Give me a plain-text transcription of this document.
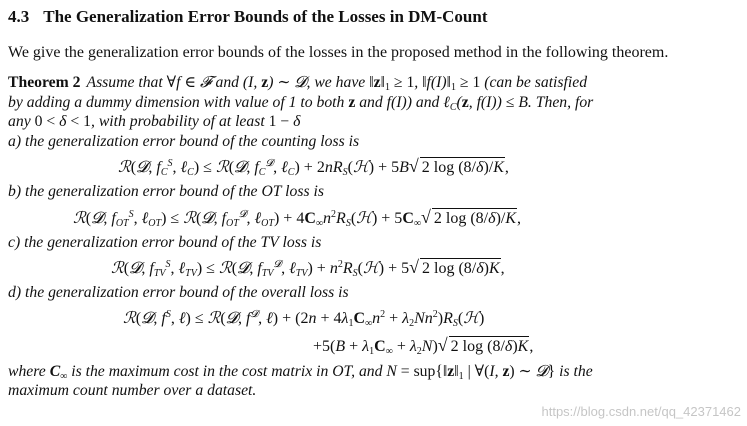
4.3 The Generalization Error Bounds of the Losses in DM-Count

We give the generalization error bounds of the losses in the proposed method in the following theorem.

Theorem 2 Assume that ∀f ∈ 𝓕 and (I, z) ∼ 𝓓, we have $‖z‖_1 \ge 1$, $‖f(I)‖_1 \ge 1$ (can be satisfied

by adding a dummy dimension with value of 1 to both z and f(I)) and ℓ$_C$(z, f(I)) ≤ B. Then, for

any 0 < δ < 1, with probability of at least 1 − δ

a) the generalization error bound of the counting loss is

ℛ(𝓓, $f_C^S$, ℓ$_C$) ≤ ℛ(𝓓, $f_C^𝓓$, ℓ$_C$) + $2nR_S(ℋ) + 5B√$ 2 log (8/δ)/K,

b) the generalization error bound of the OT loss is

ℛ(𝓓, $f_{OT}^S$, ℓ$_{OT}$) ≤ ℛ(𝓓, $f_{OT}^𝓓$, ℓ$_{OT}$) + $4C_\infty n^2R_S(ℋ) + 5C_\infty√$ 2 log (8/δ)/K,

c) the generalization error bound of the TV loss is

ℛ(𝓓, $f_{TV}^S$, ℓ$_{TV}$) ≤ ℛ(𝓓, $f_{TV}^𝓓$, ℓ$_{TV}$) + $n^2R_S(ℋ) + 5√$ 2 log (8/δ)K,

d) the generalization error bound of the overall loss is

ℛ(𝓓, $f^S$, ℓ) ≤ ℛ(𝓓, $f^𝓓$, ℓ) + ($2n + 4\lambda_1C_\infty n^2$ + $\lambda_2Nn^2)R_S(ℋ)$
$+5(B + \lambda_1C_\infty + \lambda_2N)√$ 2 log (8/δ)K,

where $C_\infty$ is the maximum cost in the cost matrix in OT, and $N = sup\{‖z‖_1$ | ∀(I, z) ∼ 𝓓} is the

maximum count number over a dataset.

https://blog.csdn.net/qq_42371462
